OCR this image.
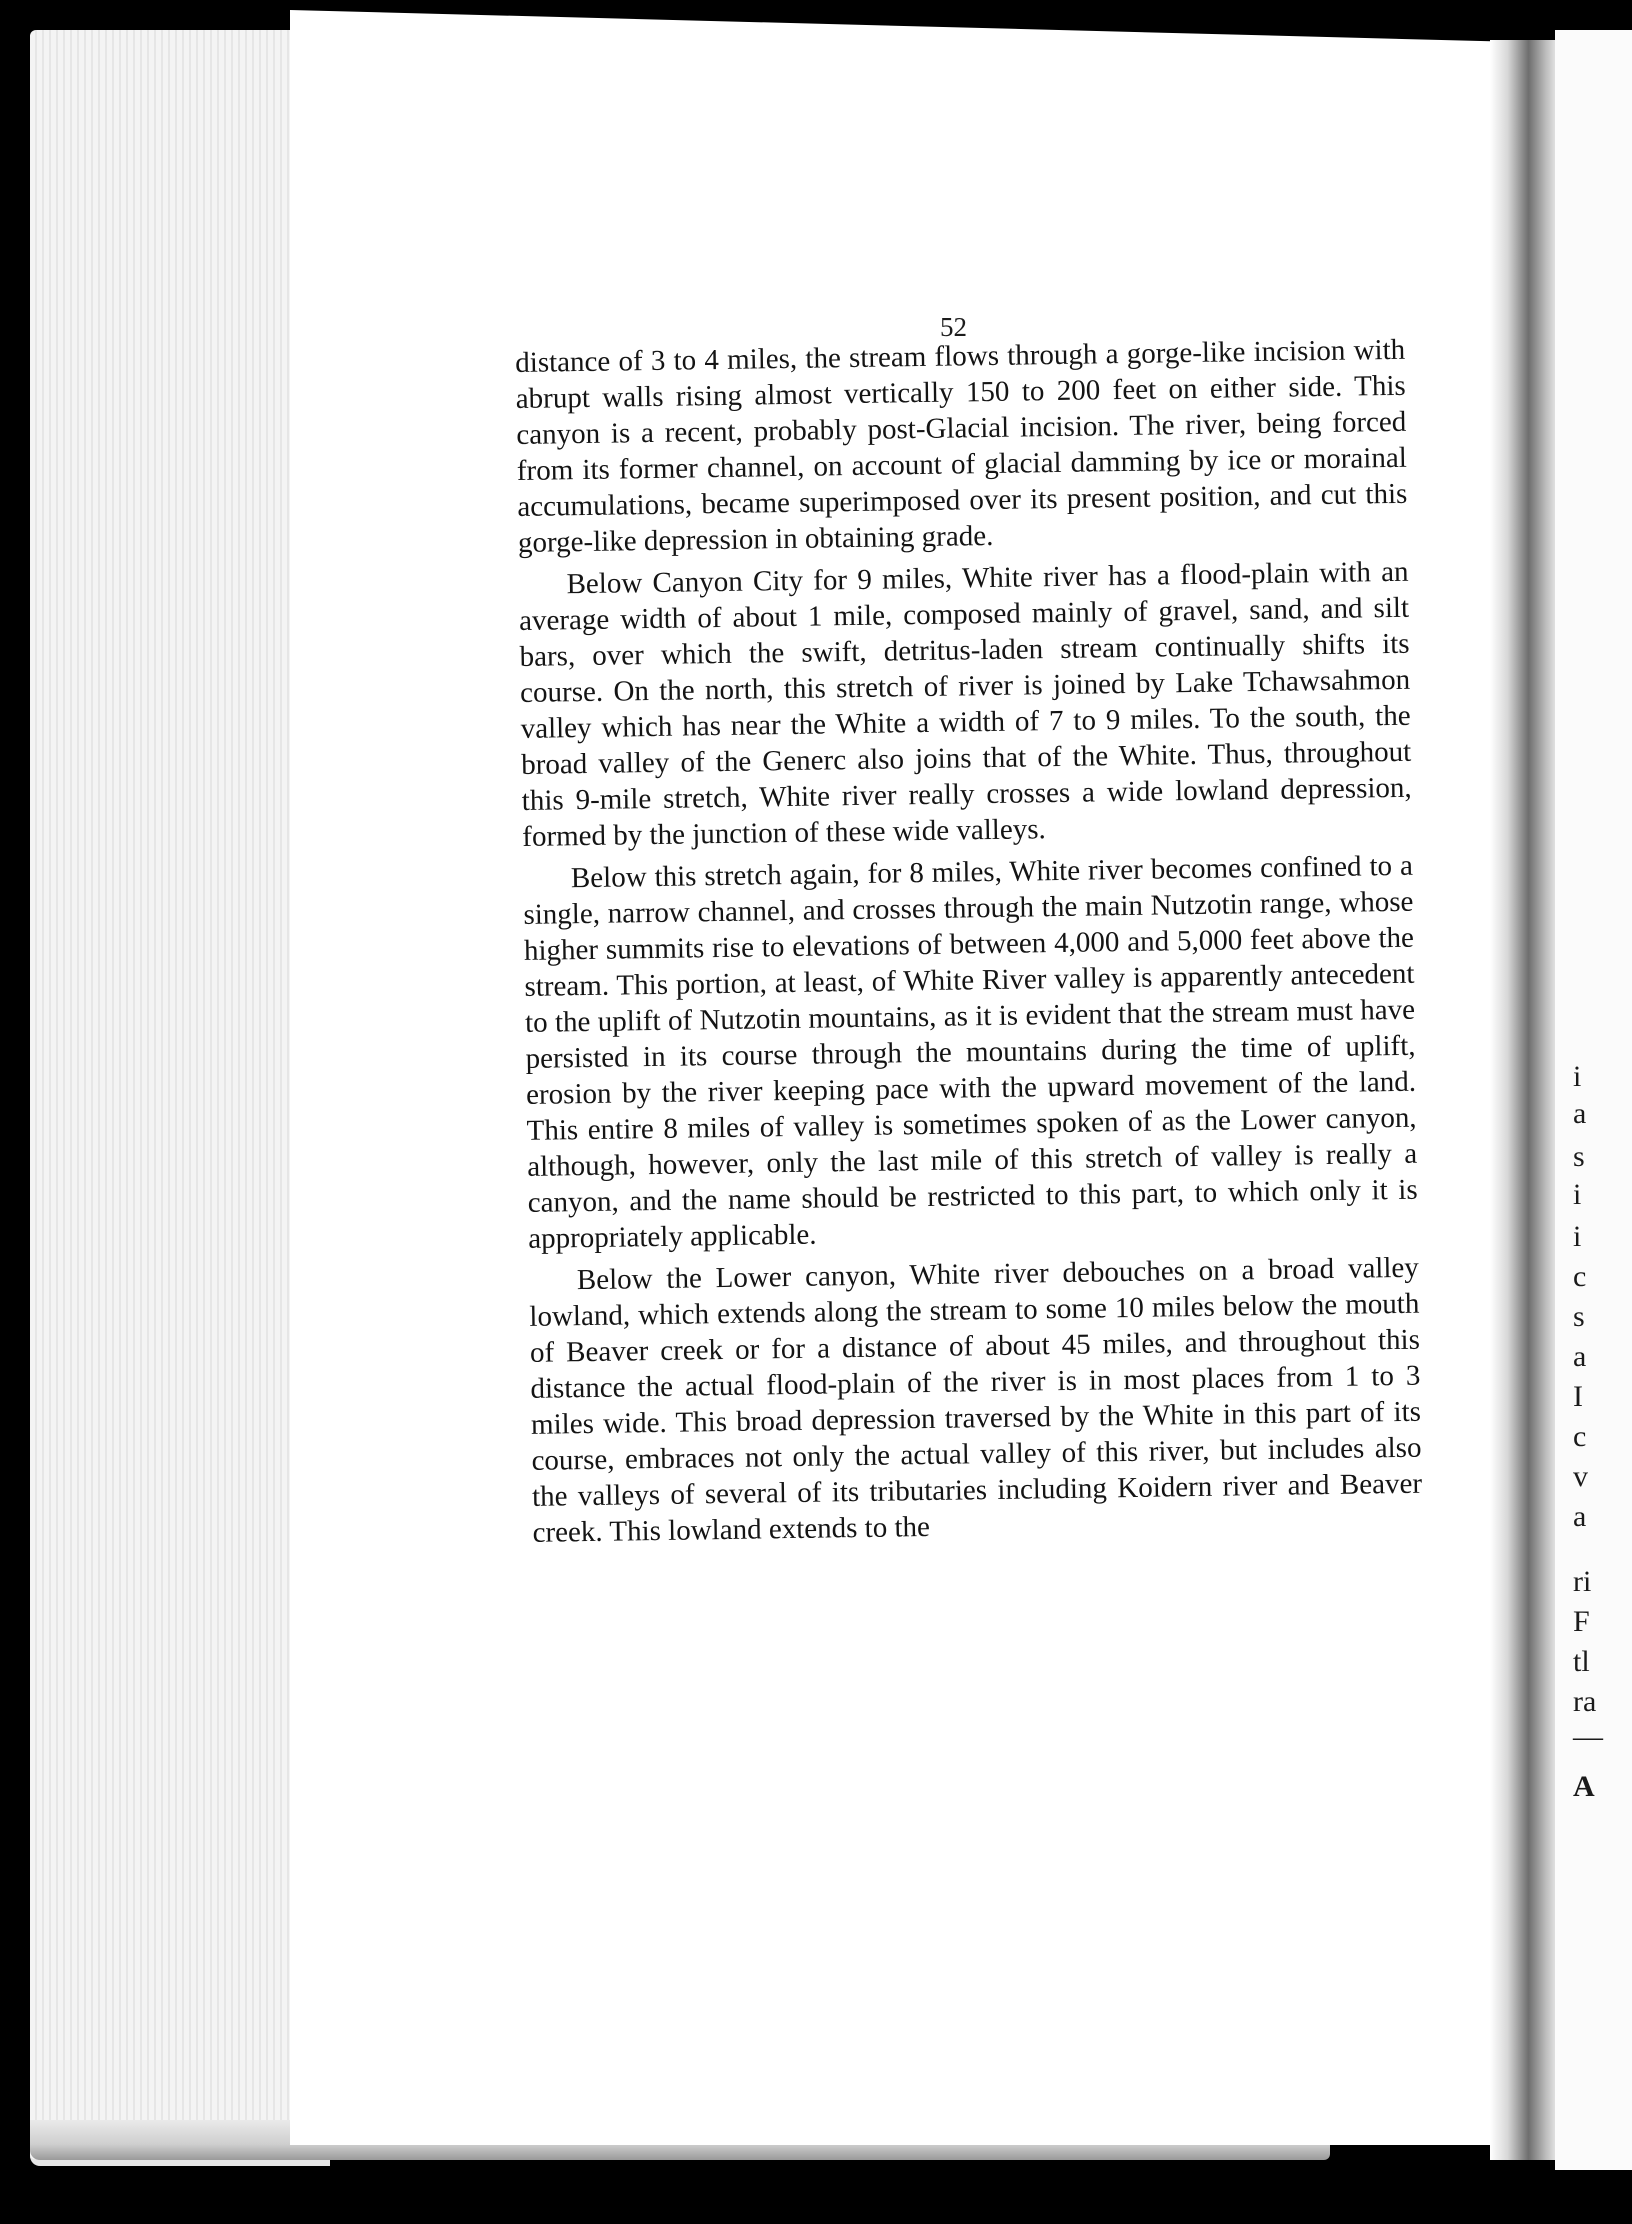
i
a
s
i
i
c
s
a
I
c
v
a
ri
F
tl
ra
—
A
52

distance of 3 to 4 miles, the stream flows through a gorge-like incision with abrupt walls rising almost vertically 150 to 200 feet on either side. This canyon is a recent, probably post-Glacial incision. The river, being forced from its former channel, on account of glacial damming by ice or morainal accumulations, became superimposed over its present position, and cut this gorge-like depression in obtaining grade.

Below Canyon City for 9 miles, White river has a flood-plain with an average width of about 1 mile, composed mainly of gravel, sand, and silt bars, over which the swift, detritus-laden stream continually shifts its course. On the north, this stretch of river is joined by Lake Tchawsahmon valley which has near the White a width of 7 to 9 miles. To the south, the broad valley of the Generc also joins that of the White. Thus, throughout this 9-mile stretch, White river really crosses a wide lowland depression, formed by the junction of these wide valleys.

Below this stretch again, for 8 miles, White river becomes confined to a single, narrow channel, and crosses through the main Nutzotin range, whose higher summits rise to elevations of between 4,000 and 5,000 feet above the stream. This portion, at least, of White River valley is apparently antecedent to the uplift of Nutzotin mountains, as it is evident that the stream must have persisted in its course through the mountains during the time of uplift, erosion by the river keeping pace with the upward movement of the land. This entire 8 miles of valley is sometimes spoken of as the Lower canyon, although, however, only the last mile of this stretch of valley is really a canyon, and the name should be restricted to this part, to which only it is appropriately applicable.

Below the Lower canyon, White river debouches on a broad valley lowland, which extends along the stream to some 10 miles below the mouth of Beaver creek or for a distance of about 45 miles, and throughout this distance the actual flood-plain of the river is in most places from 1 to 3 miles wide. This broad depression traversed by the White in this part of its course, embraces not only the actual valley of this river, but includes also the valleys of several of its tributaries including Koidern river and Beaver creek. This lowland extends to the
